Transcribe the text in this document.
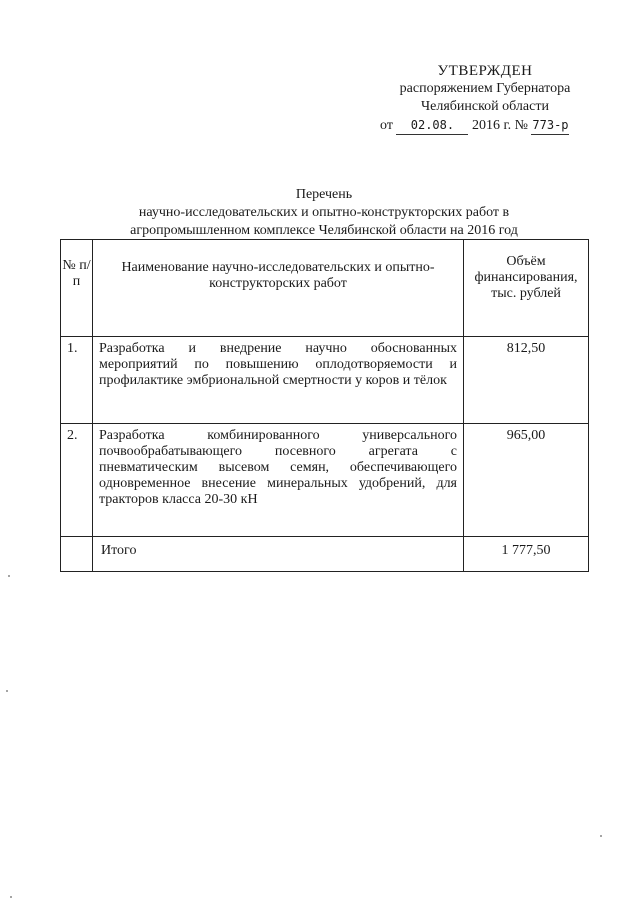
УТВЕРЖДЕН
распоряжением Губернатора
Челябинской области
от 02.08. 2016 г. № 773-р
Перечень
научно-исследовательских и опытно-конструкторских работ в
агропромышленном комплексе Челябинской области на 2016 год
№ п/п	Наименование научно-исследовательских и опытно-конструкторских работ	Объём финансирования, тыс. рублей
1.	Разработка и внедрение научно обоснованных мероприятий по повышению оплодотворяемости и профилактике эмбриональной смертности у коров и тёлок	812,50
2.	Разработка комбинированного универсального почвообрабатывающего посевного агрегата с пневматическим высевом семян, обеспечивающего одновременное внесение минеральных удобрений, для тракторов класса 20-30 кН	965,00
	Итого	1 777,50
